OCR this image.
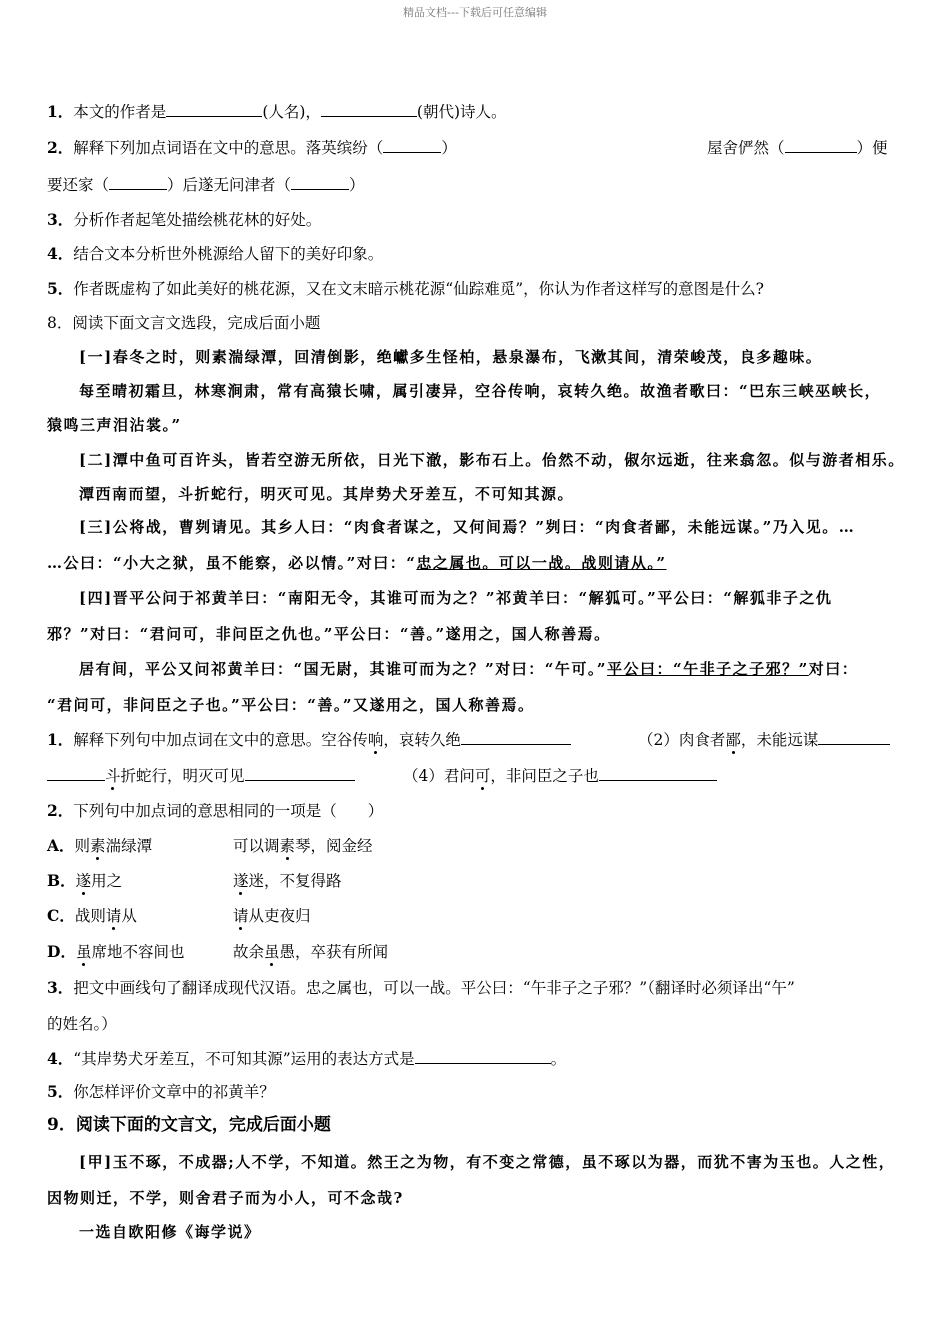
精品文档---下载后可任意编辑
1．本文的作者是	(人名)，	(朝代)诗人。
2．解释下列加点词语在文中的意思。落英缤纷（	）	屋舍俨然（	）便
要还家（	）后遂无问津者（	）
3．分析作者起笔处描绘桃花林的好处。
4．结合文本分析世外桃源给人留下的美好印象。
5．作者既虚构了如此美好的桃花源，又在文末暗示桃花源“仙踪难觅”，你认为作者这样写的意图是什么?
8．阅读下面文言文选段，完成后面小题
[一]春冬之时，则素湍绿潭，回清倒影，绝巘多生怪柏，悬泉瀑布，飞漱其间，清荣峻茂，良多趣味。
每至晴初霜旦，林寒涧肃，常有高猿长啸，属引凄异，空谷传响，哀转久绝。故渔者歌曰：“巴东三峡巫峡长，
猿鸣三声泪沾裳。”
[二]潭中鱼可百许头，皆若空游无所依，日光下澈，影布石上。佁然不动，俶尔远逝，往来翕忽。似与游者相乐。
潭西南而望，斗折蛇行，明灭可见。其岸势犬牙差互，不可知其源。
[三]公将战，曹刿请见。其乡人曰：“肉食者谋之，又何间焉？”刿曰：“肉食者鄙，未能远谋。”乃入见。…
…公曰：“小大之狱，虽不能察，必以情。”对曰：“忠之属也。可以一战。战则请从。”
[四]晋平公问于祁黄羊曰：“南阳无令，其谁可而为之？”祁黄羊曰：“解狐可。”平公曰：“解狐非子之仇
邪？”对曰：“君问可，非问臣之仇也。”平公曰：“善。”遂用之，国人称善焉。
居有间，平公又问祁黄羊曰：“国无尉，其谁可而为之？”对曰：“午可。”平公曰：“午非子之子邪？”对曰：
“君问可，非问臣之子也。”平公曰：“善。”又遂用之，国人称善焉。
1．解释下列句中加点词在文中的意思。空谷传响，哀转久绝	（2）肉食者鄙，未能远谋
斗折蛇行，明灭可见	（4）君问可，非问臣之子也
2．下列句中加点词的意思相同的一项是（　　）
A．则素湍绿潭	可以调素琴，阅金经
B．遂用之	遂迷，不复得路
C．战则请从	请从吏夜归
D．虽席地不容间也	故余虽愚，卒获有所闻
3．把文中画线句了翻译成现代汉语。忠之属也，可以一战。平公曰：“午非子之子邪？”（翻译时必须译出“午”
的姓名。）
4．“其岸势犬牙差互，不可知其源”运用的表达方式是	。
5．你怎样评价文章中的祁黄羊？
9．阅读下面的文言文，完成后面小题
[甲]玉不琢，不成器;人不学，不知道。然王之为物，有不变之常德，虽不琢以为器，而犹不害为玉也。人之性，
因物则迁，不学，则舍君子而为小人，可不念哉?
一选自欧阳修《诲学说》
